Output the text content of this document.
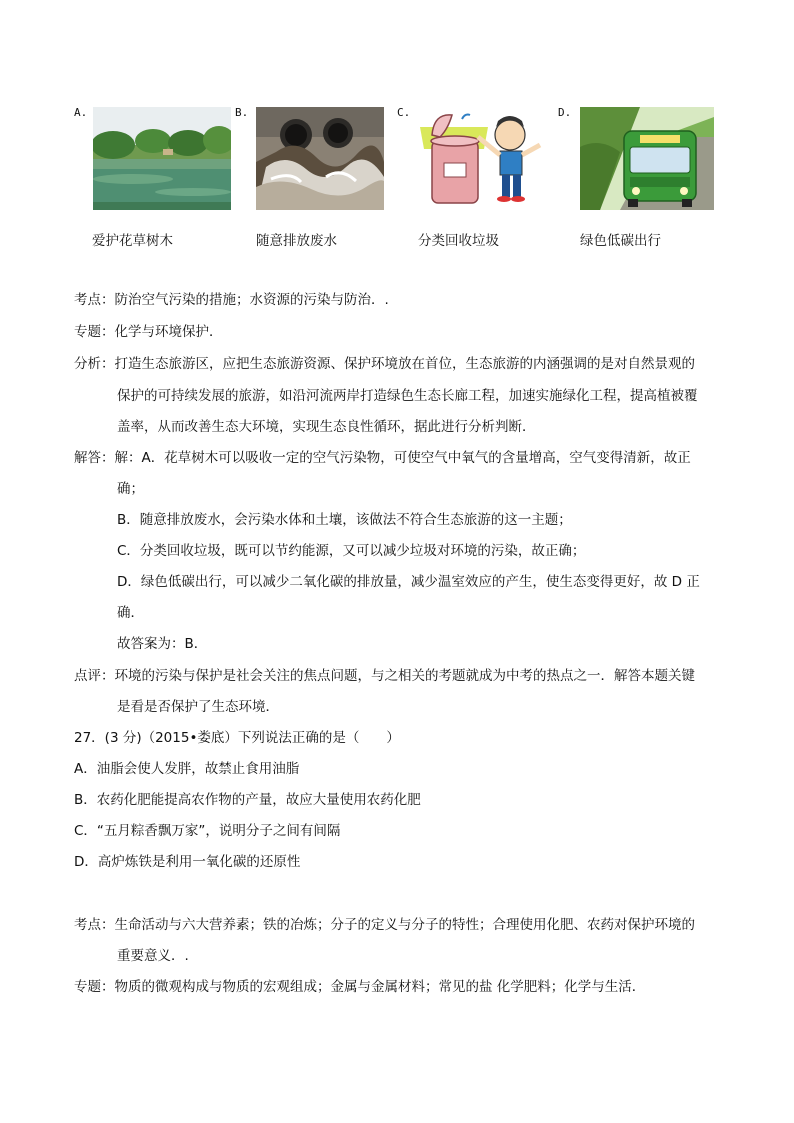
A.	B.	C.	D.
爱护花草树木	随意排放废水	分类回收垃圾	绿色低碳出行
考点：防治空气污染的措施；水资源的污染与防治．.
专题：化学与环境保护．
分析：打造生态旅游区，应把生态旅游资源、保护环境放在首位，生态旅游的内涵强调的是对自然景观的
保护的可持续发展的旅游，如沿河流两岸打造绿色生态长廊工程，加速实施绿化工程，提高植被覆
盖率，从而改善生态大环境，实现生态良性循环，据此进行分析判断．
解答：解：A．花草树木可以吸收一定的空气污染物，可使空气中氧气的含量增高，空气变得清新，故正
确；
B．随意排放废水，会污染水体和土壤，该做法不符合生态旅游的这一主题；
C．分类回收垃圾，既可以节约能源，又可以减少垃圾对环境的污染，故正确；
D．绿色低碳出行，可以减少二氧化碳的排放量，减少温室效应的产生，使生态变得更好，故 D 正
确．
故答案为：B．
点评：环境的污染与保护是社会关注的焦点问题，与之相关的考题就成为中考的热点之一．解答本题关键
是看是否保护了生态环境．
27．(3 分)（2015•娄底）下列说法正确的是（　　）
A．油脂会使人发胖，故禁止食用油脂
B．农药化肥能提高农作物的产量，故应大量使用农药化肥
C．“五月粽香飘万家”，说明分子之间有间隔
D．高炉炼铁是利用一氧化碳的还原性
考点：生命活动与六大营养素；铁的冶炼；分子的定义与分子的特性；合理使用化肥、农药对保护环境的
重要意义．.
专题：物质的微观构成与物质的宏观组成；金属与金属材料；常见的盐 化学肥料；化学与生活．
